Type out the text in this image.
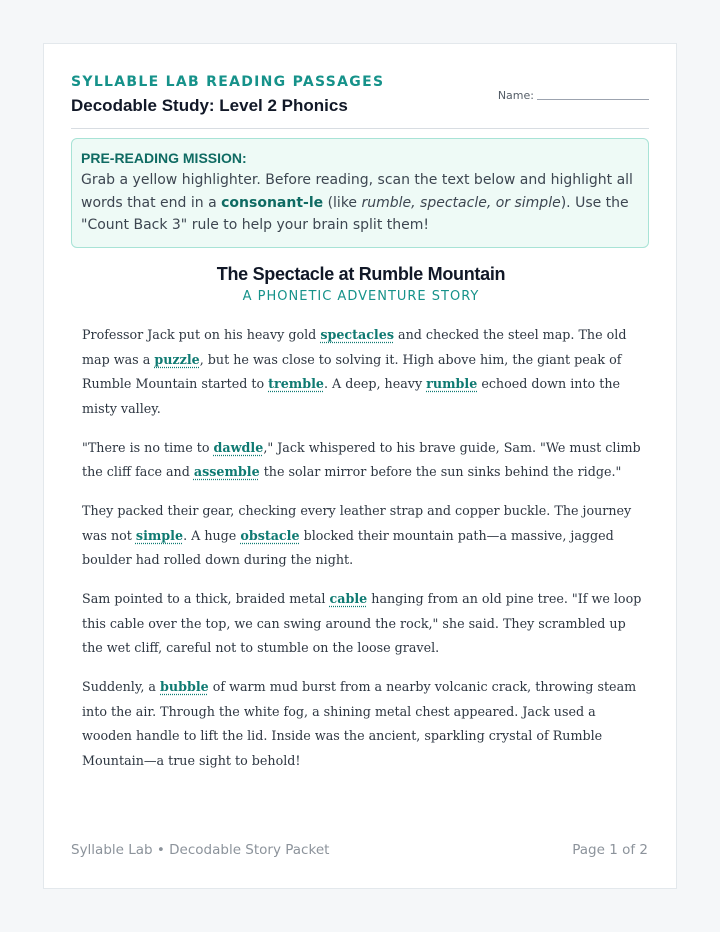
SYLLABLE LAB READING PASSAGES
Decodable Study: Level 2 Phonics
Name:
PRE-READING MISSION:
Grab a yellow highlighter. Before reading, scan the text below and highlight all words that end in a consonant-le (like rumble, spectacle, or simple). Use the "Count Back 3" rule to help your brain split them!
The Spectacle at Rumble Mountain
A PHONETIC ADVENTURE STORY

Professor Jack put on his heavy gold spectacles and checked the steel map. The old map was a puzzle, but he was close to solving it. High above him, the giant peak of Rumble Mountain started to tremble. A deep, heavy rumble echoed down into the misty valley.

"There is no time to dawdle," Jack whispered to his brave guide, Sam. "We must climb the cliff face and assemble the solar mirror before the sun sinks behind the ridge."

They packed their gear, checking every leather strap and copper buckle. The journey was not simple. A huge obstacle blocked their mountain path—a massive, jagged boulder had rolled down during the night.

Sam pointed to a thick, braided metal cable hanging from an old pine tree. "If we loop this cable over the top, we can swing around the rock," she said. They scrambled up the wet cliff, careful not to stumble on the loose gravel.

Suddenly, a bubble of warm mud burst from a nearby volcanic crack, throwing steam into the air. Through the white fog, a shining metal chest appeared. Jack used a wooden handle to lift the lid. Inside was the ancient, sparkling crystal of Rumble Mountain—a true sight to behold!

Syllable Lab • Decodable Story Packet	Page 1 of 2
